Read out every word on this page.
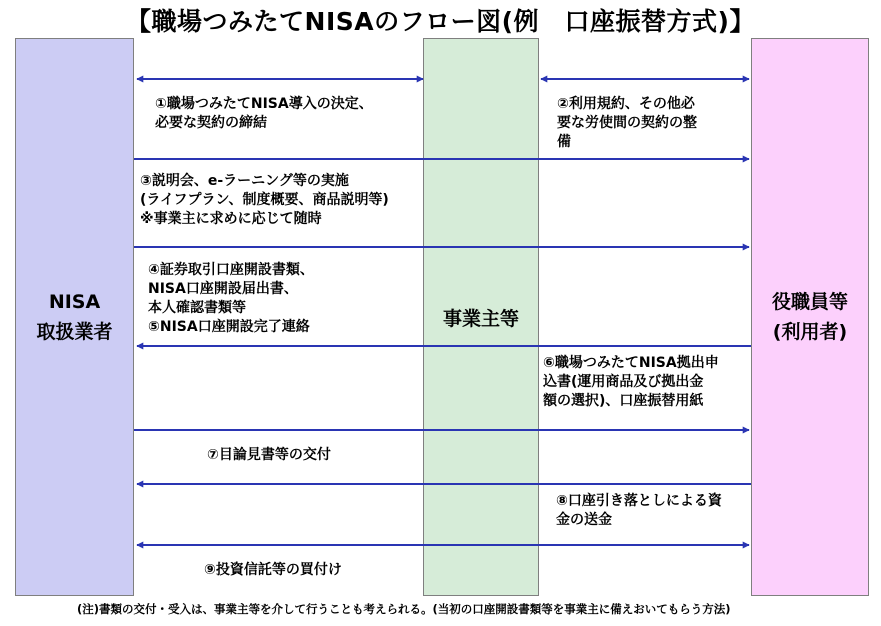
【職場つみたてNISAのフロー図(例　口座振替方式)】
NISA
取扱業者
事業主等
役職員等
(利用者)
①職場つみたてNISA導入の決定、
必要な契約の締結
②利用規約、その他必
要な労使間の契約の整
備
③説明会、e-ラーニング等の実施
(ライフプラン、制度概要、商品説明等)
※事業主に求めに応じて随時
④証券取引口座開設書類、
NISA口座開設届出書、
本人確認書類等
⑤NISA口座開設完了連絡
⑥職場つみたてNISA拠出申
込書(運用商品及び拠出金
額の選択)、口座振替用紙
⑦目論見書等の交付
⑧口座引き落としによる資
金の送金
⑨投資信託等の買付け
(注)書類の交付・受入は、事業主等を介して行うことも考えられる。(当初の口座開設書類等を事業主に備えおいてもらう方法)
